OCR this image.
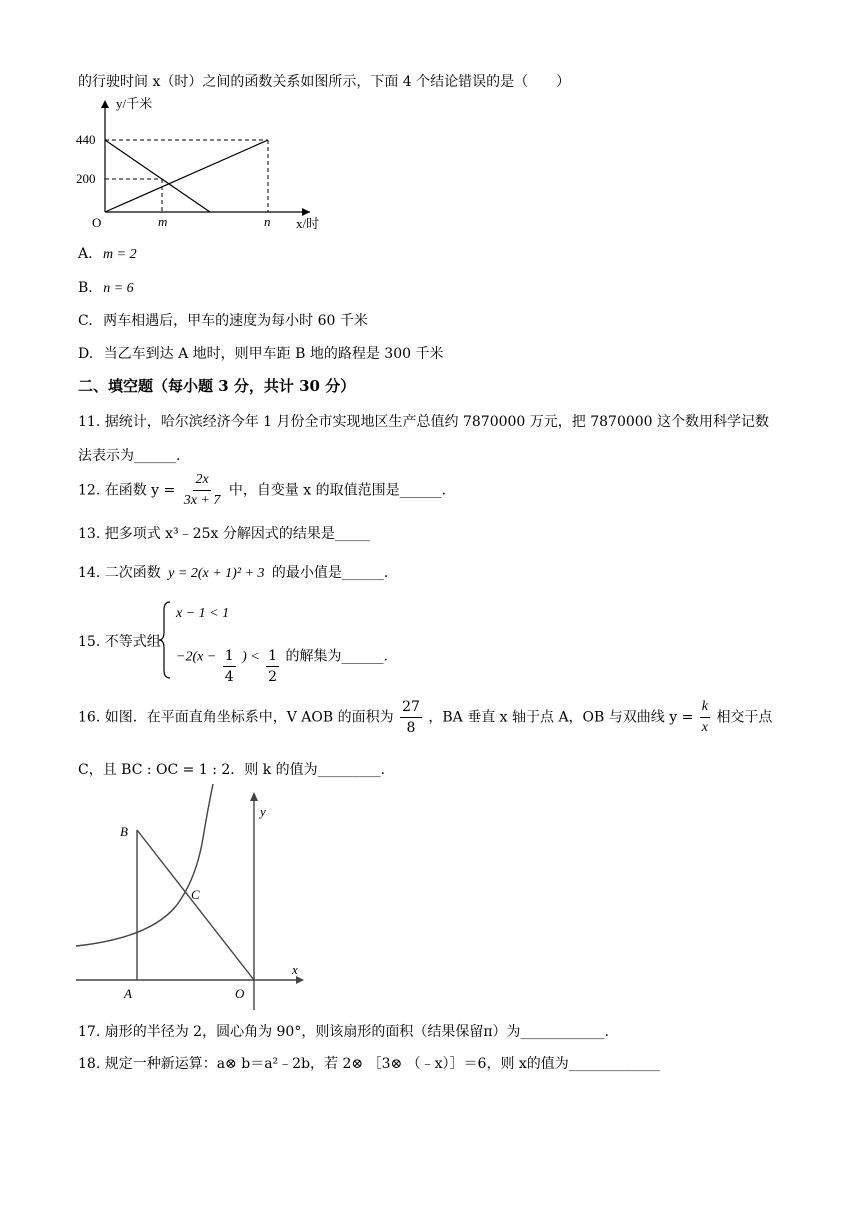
的行驶时间 x（时）之间的函数关系如图所示，下面 4 个结论错误的是（　　）
y/千米
x/时
440
200
O	m	n
A. m = 2
B. n = 6
C. 两车相遇后，甲车的速度为每小时 60 千米
D. 当乙车到达 A 地时，则甲车距 B 地的路程是 300 千米
二、填空题（每小题 3 分，共计 30 分）
11. 据统计，哈尔滨经济今年 1 月份全市实现地区生产总值约 7870000 万元，把 7870000 这个数用科学记数
法表示为______.
12. 在函数 $y = \frac{2x}{3x + 7}$ 中，自变量 x 的取值范围是______.
13. 把多项式 x³﹣25x 分解因式的结果是_____
14. 二次函数 y = 2(x + 1)² + 3 的最小值是______.
15. 不等式组
x − 1 < 1
$-2(x - \frac{1}{4}$ ) < $\frac{1}{2}$ 的解集为______.
16. 如图．在平面直角坐标系中，V AOB 的面积为 $\frac{27}{8}$ ，BA 垂直 x 轴于点 A，OB 与双曲线 $y = \frac{k}{x}$ 相交于点
C，且 BC : OC = 1 : 2．则 k 的值为_________.
B
C
A	O
x
y
17. 扇形的半径为 2，圆心角为 90°，则该扇形的面积（结果保留π）为____________.
18. 规定一种新运算：a⊗ b＝a²﹣2b，若 2⊗ ［3⊗ （﹣x）］＝6，则 x的值为_____________
